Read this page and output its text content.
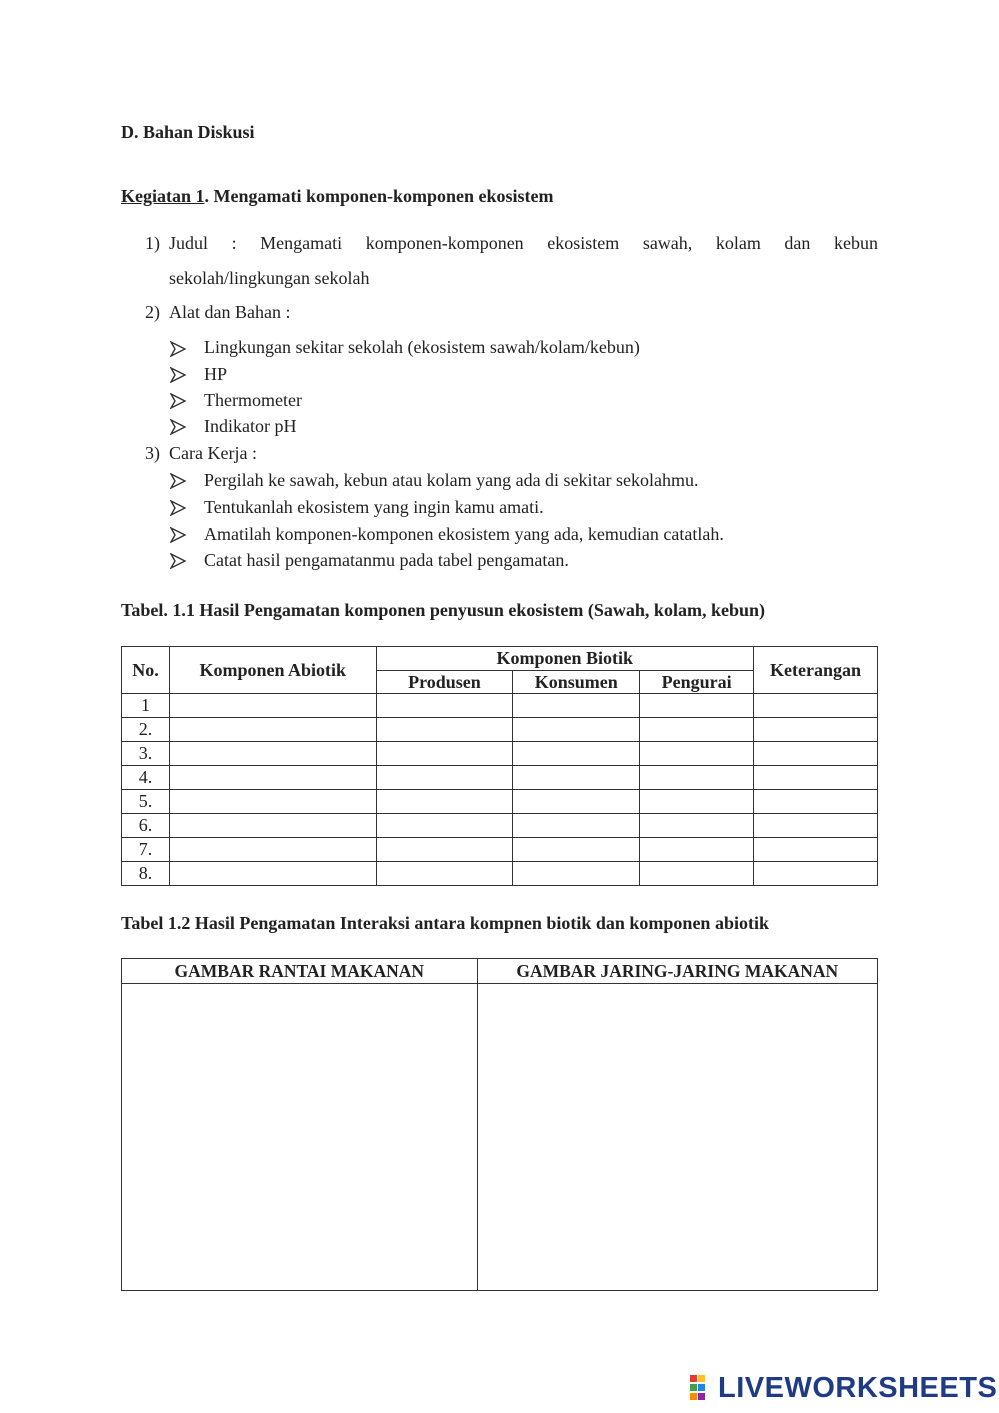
D. Bahan Diskusi
Kegiatan 1. Mengamati komponen-komponen ekosistem
1) Judul : Mengamati komponen-komponen ekosistem sawah, kolam dan kebun
sekolah/lingkungan sekolah
2) Alat dan Bahan :
Lingkungan sekitar sekolah (ekosistem sawah/kolam/kebun)
HP
Thermometer
Indikator pH
3) Cara Kerja :
Pergilah ke sawah, kebun atau kolam yang ada di sekitar sekolahmu.
Tentukanlah ekosistem yang ingin kamu amati.
Amatilah komponen-komponen ekosistem yang ada, kemudian catatlah.
Catat hasil pengamatanmu pada tabel pengamatan.
Tabel. 1.1 Hasil Pengamatan komponen penyusun ekosistem (Sawah, kolam, kebun)
No.	Komponen Abiotik	Komponen Biotik			Keterangan
		Produsen	Konsumen	Pengurai	
1					
2.					
3.					
4.					
5.					
6.					
7.					
8.					
Tabel 1.2 Hasil Pengamatan Interaksi antara kompnen biotik dan komponen abiotik
GAMBAR RANTAI MAKANAN	GAMBAR JARING-JARING MAKANAN

LIVEWORKSHEETS
